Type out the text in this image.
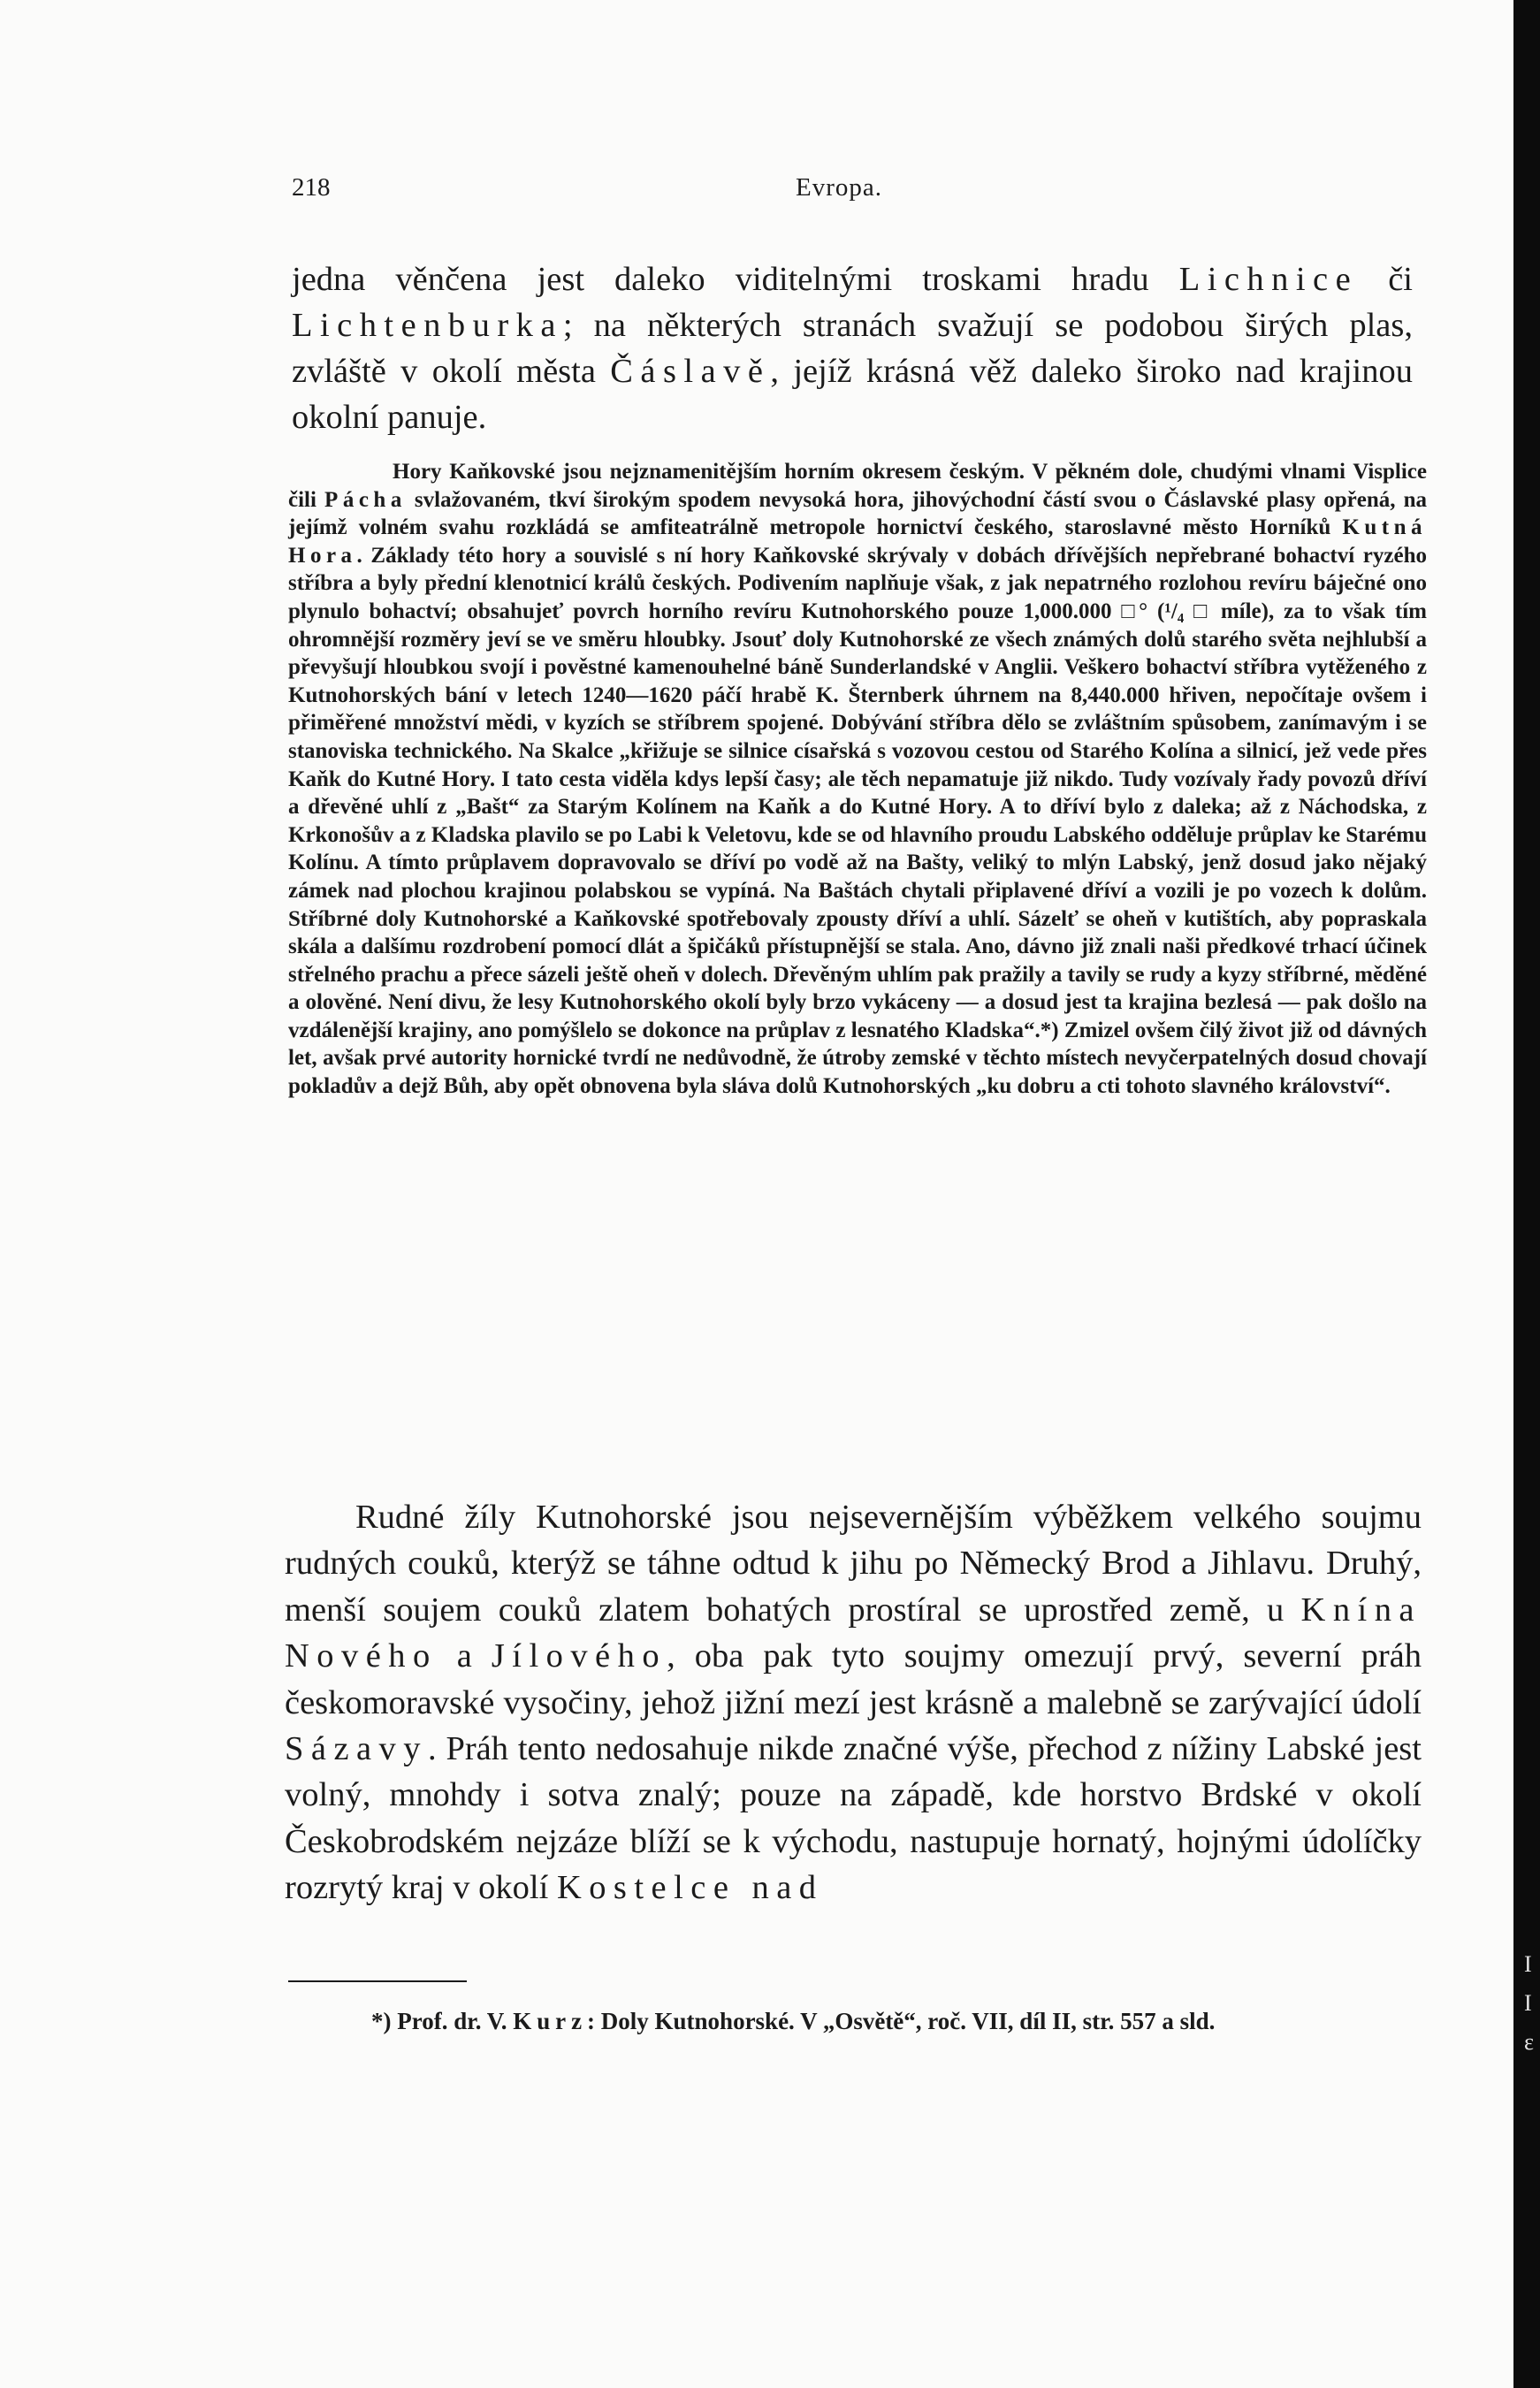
218	Evropa.
jedna věnčena jest daleko viditelnými troskami hradu Lichnice či Lichtenburka; na některých stranách svažují se podobou širých plas, zvláště v okolí města Čáslavě, jejíž krásná věž daleko široko nad krajinou okolní panuje.
Hory Kaňkovské jsou nejznamenitějším horním okresem českým. V pěkném dole, chudými vlnami Visplice čili Pácha svlažovaném, tkví širokým spodem nevysoká hora, jihovýchodní částí svou o Čáslavské plasy opřená, na jejímž volném svahu rozkládá se amfiteatrálně metropole hornictví českého, staroslavné město Horníků Kutná Hora. Základy této hory a souvislé s ní hory Kaňkovské skrývaly v dobách dřívějších nepřebrané bohactví ryzého stříbra a byly přední klenotnicí králů českých. Podivením naplňuje však, z jak nepatrného rozlohou revíru báječné ono plynulo bohactví; obsahujeť povrch horního revíru Kutnohorského pouze 1,000.000 □° (¹/₄ □ míle), za to však tím ohromnější rozměry jeví se ve směru hloubky. Jsouť doly Kutnohorské ze všech známých dolů starého světa nejhlubší a převyšují hloubkou svojí i pověstné kamenouhelné báně Sunderlandské v Anglii. Veškero bohactví stříbra vytěženého z Kutnohorských bání v letech 1240—1620 páčí hrabě K. Šternberk úhrnem na 8,440.000 hřiven, nepočítaje ovšem i přiměřené množství mědi, v kyzích se stříbrem spojené. Dobývání stříbra dělo se zvláštním spůsobem, zanímavým i se stanoviska technického. Na Skalce „křižuje se silnice císařská s vozovou cestou od Starého Kolína a silnicí, jež vede přes Kaňk do Kutné Hory. I tato cesta viděla kdys lepší časy; ale těch nepamatuje již nikdo. Tudy vozívaly řady povozů dříví a dřevěné uhlí z „Bašt“ za Starým Kolínem na Kaňk a do Kutné Hory. A to dříví bylo z daleka; až z Náchodska, z Krkonošův a z Kladska plavilo se po Labi k Veletovu, kde se od hlavního proudu Labského odděluje průplav ke Starému Kolínu. A tímto průplavem dopravovalo se dříví po vodě až na Bašty, veliký to mlýn Labský, jenž dosud jako nějaký zámek nad plochou krajinou polabskou se vypíná. Na Baštách chytali připlavené dříví a vozili je po vozech k dolům. Stříbrné doly Kutnohorské a Kaňkovské spotřebovaly zpousty dříví a uhlí. Sázelť se oheň v kutištích, aby popraskala skála a dalšímu rozdrobení pomocí dlát a špičáků přístupnější se stala. Ano, dávno již znali naši předkové trhací účinek střelného prachu a přece sázeli ještě oheň v dolech. Dřevěným uhlím pak pražily a tavily se rudy a kyzy stříbrné, měděné a olověné. Není divu, že lesy Kutnohorského okolí byly brzo vykáceny — a dosud jest ta krajina bezlesá — pak došlo na vzdálenější krajiny, ano pomýšlelo se dokonce na průplav z lesnatého Kladska“.*) Zmizel ovšem čilý život již od dávných let, avšak prvé autority hornické tvrdí ne nedůvodně, že útroby zemské v těchto místech nevyčerpatelných dosud chovají pokladův a dejž Bůh, aby opět obnovena byla sláva dolů Kutnohorských „ku dobru a cti tohoto slavného království“.
Rudné žíly Kutnohorské jsou nejsevernějším výběžkem velkého soujmu rudných couků, kterýž se táhne odtud k jihu po Německý Brod a Jihlavu. Druhý, menší soujem couků zlatem bohatých prostíral se uprostřed země, u Knína Nového a Jílového, oba pak tyto soujmy omezují prvý, severní práh českomoravské vysočiny, jehož jižní mezí jest krásně a malebně se zarývající údolí Sázavy. Práh tento nedosahuje nikde značné výše, přechod z nížiny Labské jest volný, mnohdy i sotva znalý; pouze na západě, kde horstvo Brdské v okolí Českobrodském nejzáze blíží se k východu, nastupuje hornatý, hojnými údolíčky rozrytý kraj v okolí Kostelce nad
*) Prof. dr. V. Kurz: Doly Kutnohorské. V „Osvětě“, roč. VII, díl II, str. 557 a sld.
I
I
ε
